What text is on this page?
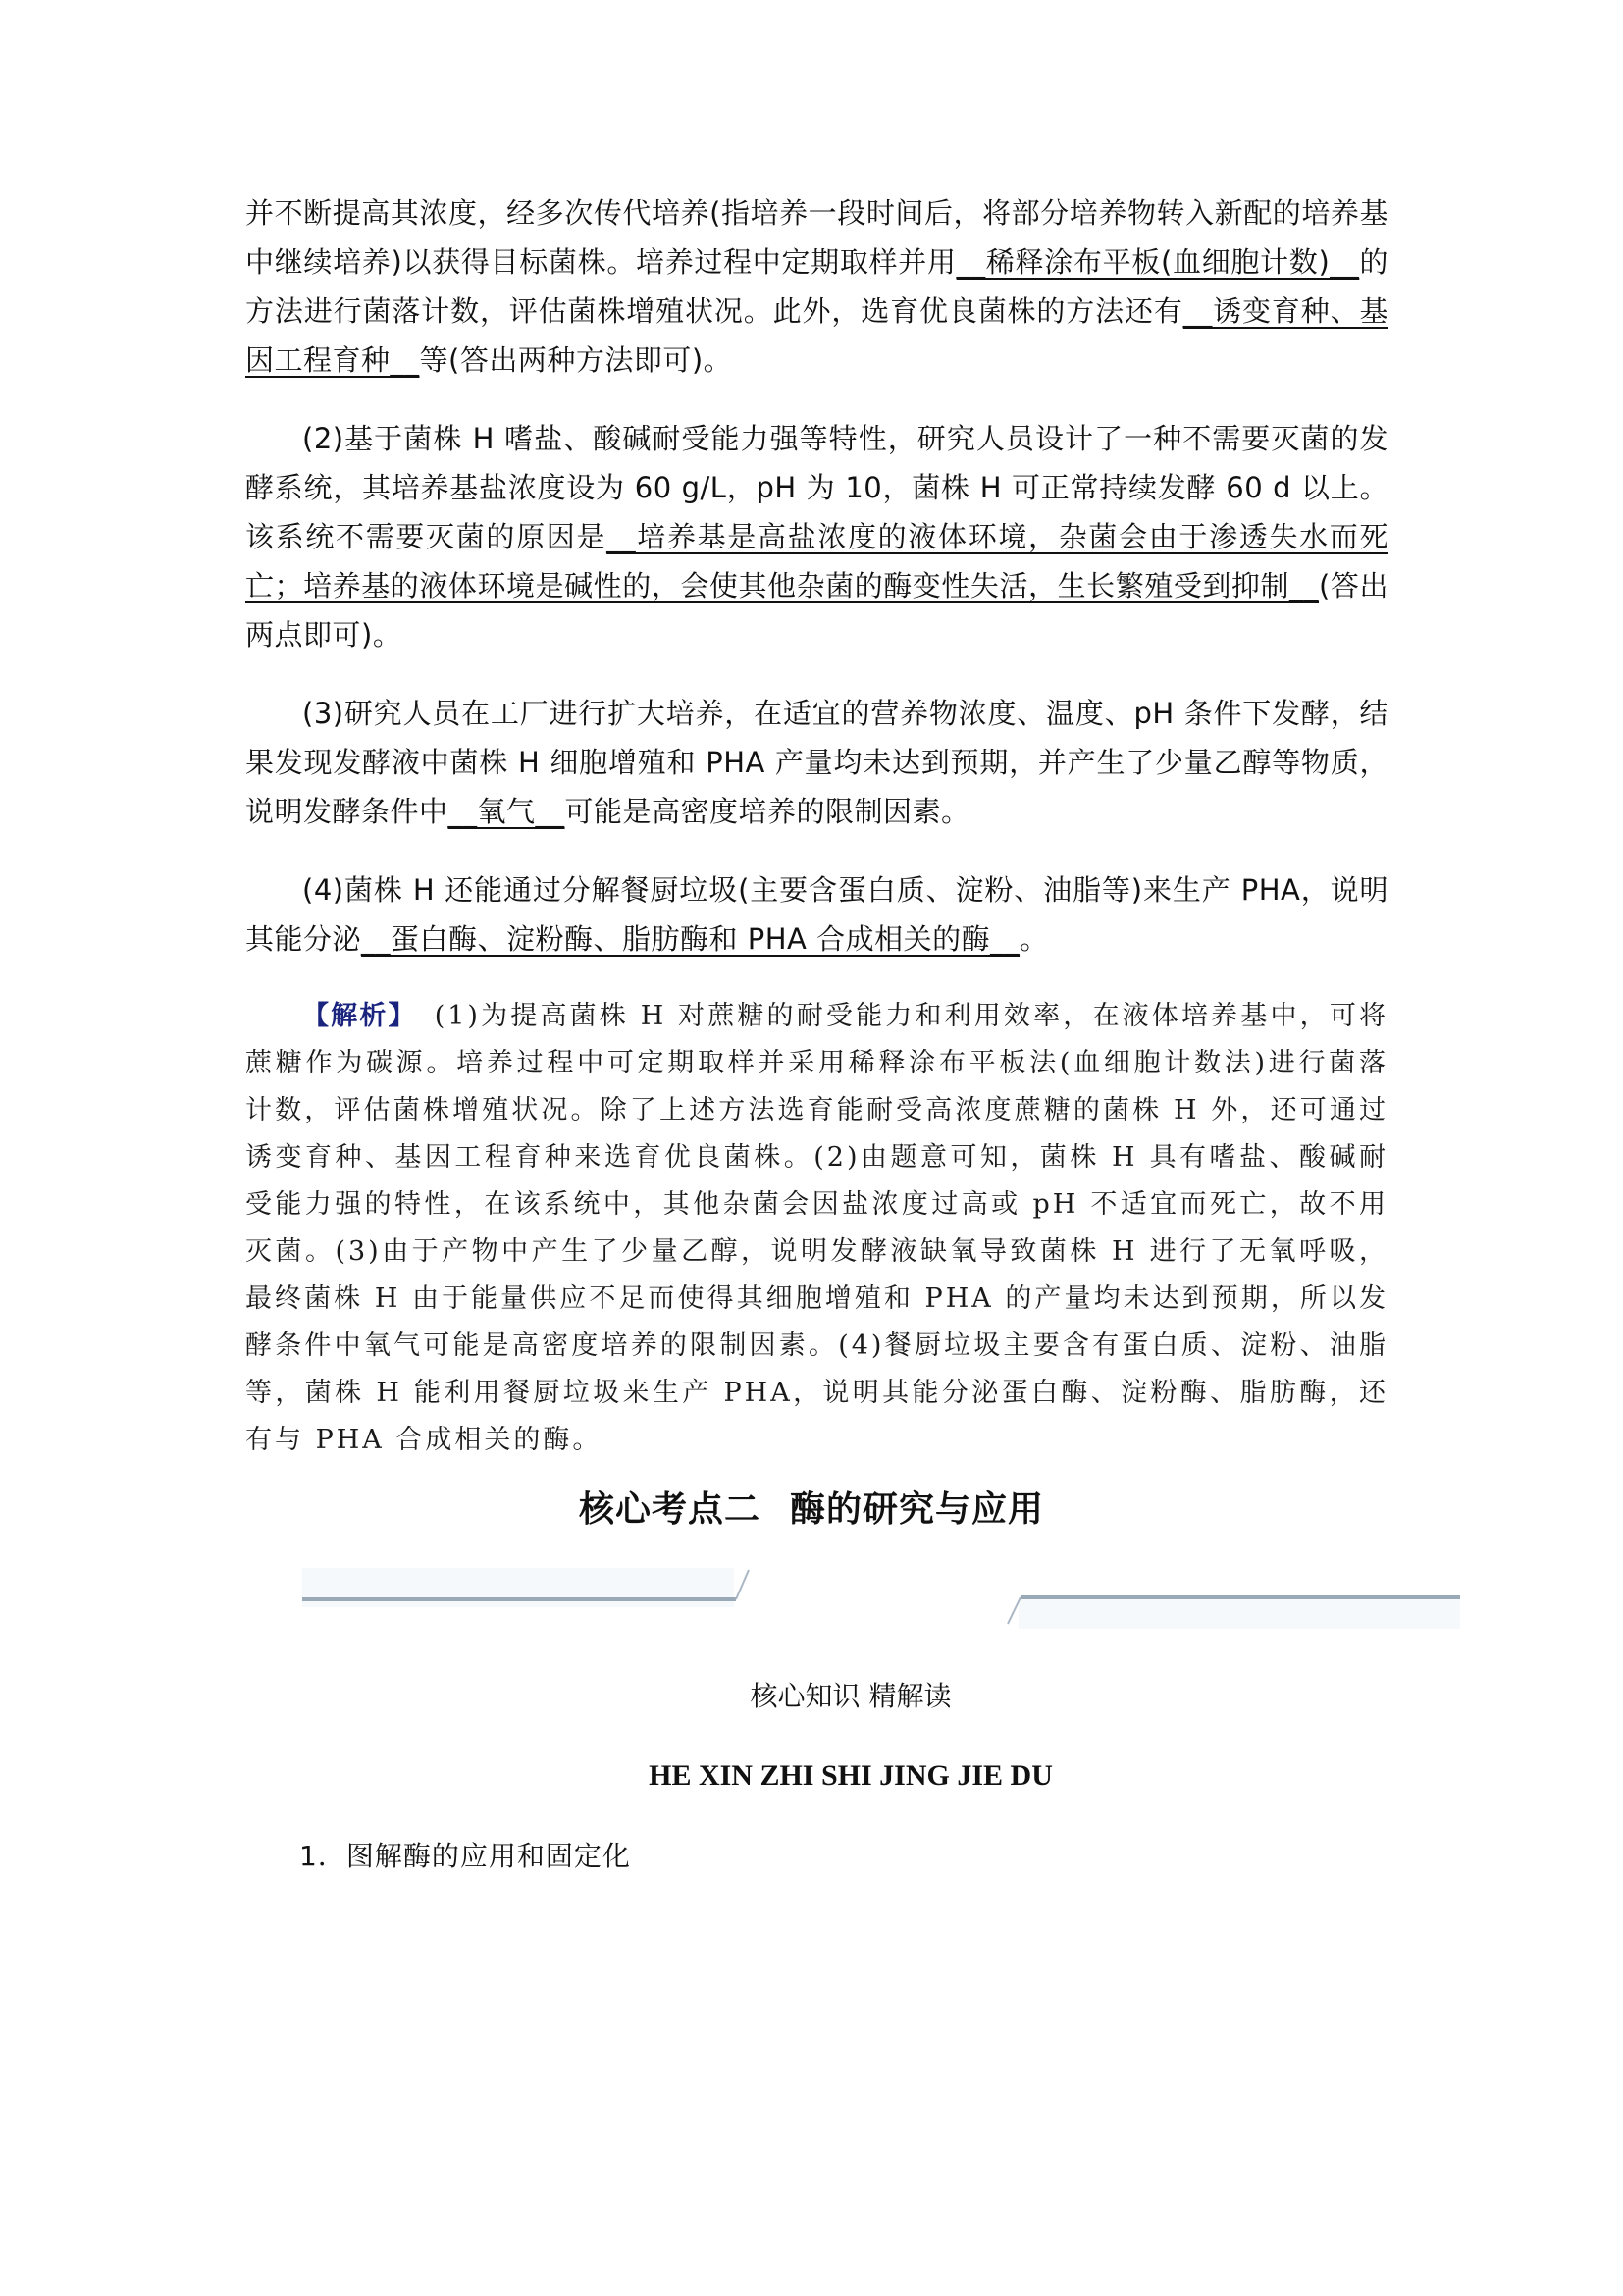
并不断提高其浓度，经多次传代培养(指培养一段时间后，将部分培养物转入新配的培养基中继续培养)以获得目标菌株。培养过程中定期取样并用__稀释涂布平板(血细胞计数)__的方法进行菌落计数，评估菌株增殖状况。此外，选育优良菌株的方法还有__诱变育种、基因工程育种__等(答出两种方法即可)。

(2)基于菌株 H 嗜盐、酸碱耐受能力强等特性，研究人员设计了一种不需要灭菌的发酵系统，其培养基盐浓度设为 60 g/L，pH 为 10，菌株 H 可正常持续发酵 60 d 以上。该系统不需要灭菌的原因是__培养基是高盐浓度的液体环境，杂菌会由于渗透失水而死亡；培养基的液体环境是碱性的，会使其他杂菌的酶变性失活，生长繁殖受到抑制__(答出两点即可)。

(3)研究人员在工厂进行扩大培养，在适宜的营养物浓度、温度、pH 条件下发酵，结果发现发酵液中菌株 H 细胞增殖和 PHA 产量均未达到预期，并产生了少量乙醇等物质，说明发酵条件中__氧气__可能是高密度培养的限制因素。

(4)菌株 H 还能通过分解餐厨垃圾(主要含蛋白质、淀粉、油脂等)来生产 PHA，说明其能分泌__蛋白酶、淀粉酶、脂肪酶和 PHA 合成相关的酶__。

【解析】 (1)为提高菌株 H 对蔗糖的耐受能力和利用效率，在液体培养基中，可将蔗糖作为碳源。培养过程中可定期取样并采用稀释涂布平板法(血细胞计数法)进行菌落计数，评估菌株增殖状况。除了上述方法选育能耐受高浓度蔗糖的菌株 H 外，还可通过诱变育种、基因工程育种来选育优良菌株。(2)由题意可知，菌株 H 具有嗜盐、酸碱耐受能力强的特性，在该系统中，其他杂菌会因盐浓度过高或 pH 不适宜而死亡，故不用灭菌。(3)由于产物中产生了少量乙醇，说明发酵液缺氧导致菌株 H 进行了无氧呼吸，最终菌株 H 由于能量供应不足而使得其细胞增殖和 PHA 的产量均未达到预期，所以发酵条件中氧气可能是高密度培养的限制因素。(4)餐厨垃圾主要含有蛋白质、淀粉、油脂等，菌株 H 能利用餐厨垃圾来生产 PHA，说明其能分泌蛋白酶、淀粉酶、脂肪酶，还有与 PHA 合成相关的酶。

核心考点二 酶的研究与应用
核心知识 精解读
HE XIN ZHI SHI JING JIE DU
1．图解酶的应用和固定化
